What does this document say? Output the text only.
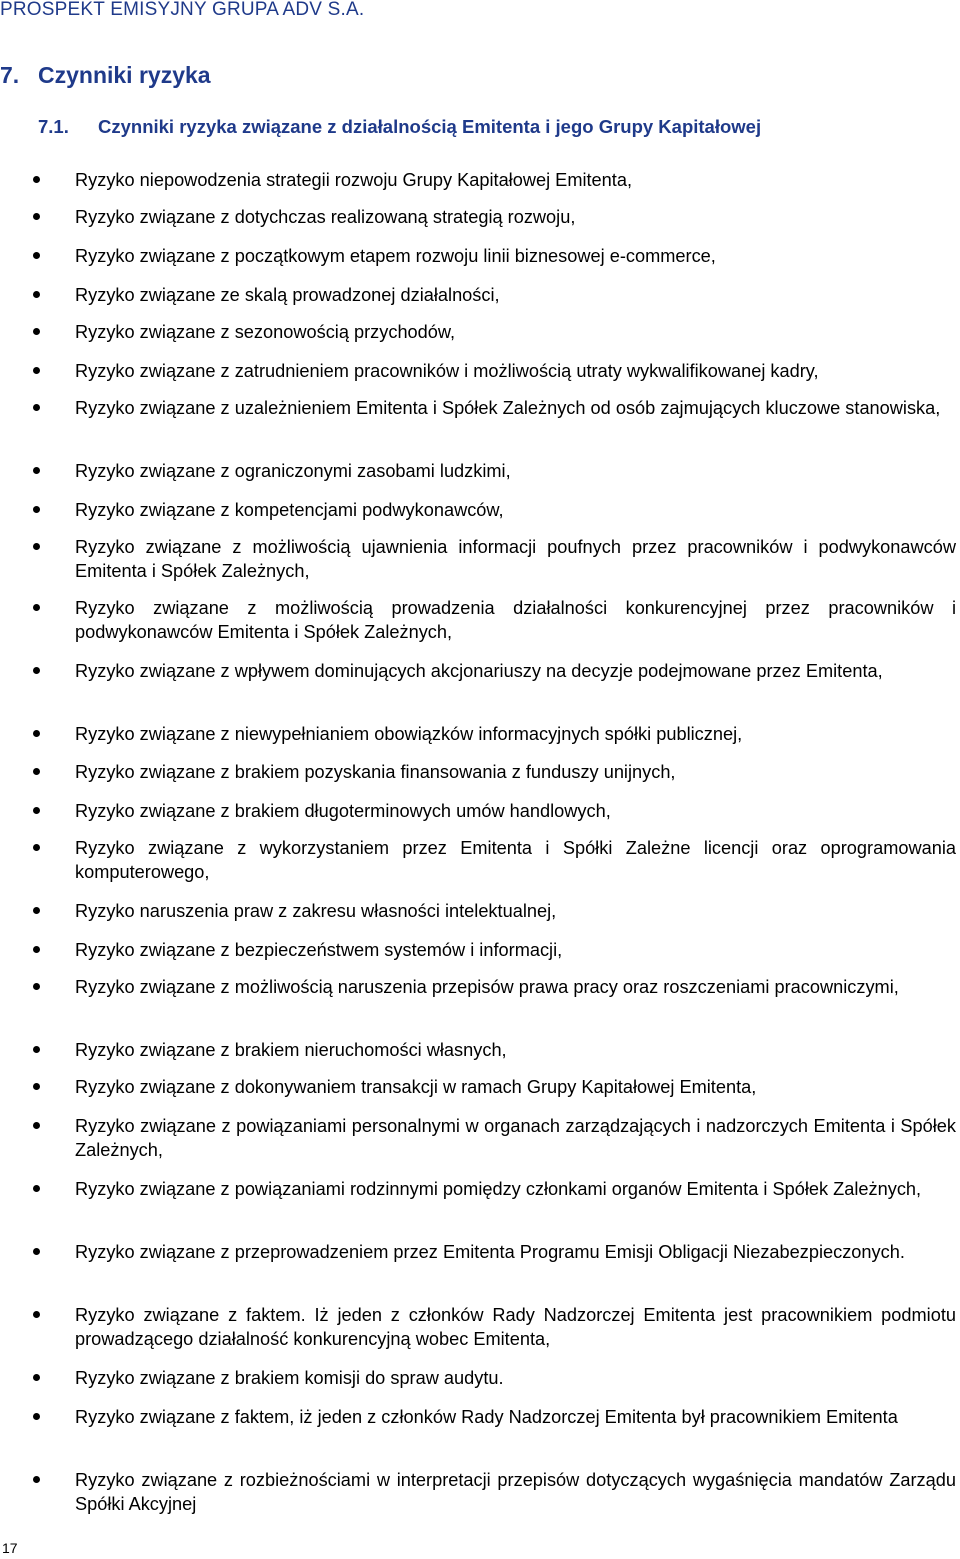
PROSPEKT EMISYJNY GRUPA ADV S.A.
7. Czynniki ryzyka
7.1. Czynniki ryzyka związane z działalnością Emitenta i jego Grupy Kapitałowej
Ryzyko niepowodzenia strategii rozwoju Grupy Kapitałowej Emitenta,
Ryzyko związane z dotychczas realizowaną strategią rozwoju,
Ryzyko związane z początkowym etapem rozwoju linii biznesowej e-commerce,
Ryzyko związane ze skalą prowadzonej działalności,
Ryzyko związane z sezonowością przychodów,
Ryzyko związane z zatrudnieniem pracowników i możliwością utraty wykwalifikowanej kadry,
Ryzyko związane z uzależnieniem Emitenta i Spółek Zależnych od osób zajmujących kluczowe stanowiska,
Ryzyko związane z ograniczonymi zasobami ludzkimi,
Ryzyko związane z kompetencjami podwykonawców,
Ryzyko związane z możliwością ujawnienia informacji poufnych przez pracowników i podwykonawców Emitenta i Spółek Zależnych,
Ryzyko związane z możliwością prowadzenia działalności konkurencyjnej przez pracowników i podwykonawców Emitenta i Spółek Zależnych,
Ryzyko związane z wpływem dominujących akcjonariuszy na decyzje podejmowane przez Emitenta,
Ryzyko związane z niewypełnianiem obowiązków informacyjnych spółki publicznej,
Ryzyko związane z brakiem pozyskania finansowania z funduszy unijnych,
Ryzyko związane z brakiem długoterminowych umów handlowych,
Ryzyko związane z wykorzystaniem przez Emitenta i Spółki Zależne licencji oraz oprogramowania komputerowego,
Ryzyko naruszenia praw z zakresu własności intelektualnej,
Ryzyko związane z bezpieczeństwem systemów i informacji,
Ryzyko związane z możliwością naruszenia przepisów prawa pracy oraz roszczeniami pracowniczymi,
Ryzyko związane z brakiem nieruchomości własnych,
Ryzyko związane z dokonywaniem transakcji w ramach Grupy Kapitałowej Emitenta,
Ryzyko związane z powiązaniami personalnymi w organach zarządzających i nadzorczych Emitenta i Spółek Zależnych,
Ryzyko związane z powiązaniami rodzinnymi pomiędzy członkami organów Emitenta i Spółek Zależnych,
Ryzyko związane z przeprowadzeniem przez Emitenta Programu Emisji Obligacji Niezabezpieczonych.
Ryzyko związane z faktem. Iż jeden z członków Rady Nadzorczej Emitenta jest pracownikiem podmiotu prowadzącego działalność konkurencyjną wobec Emitenta,
Ryzyko związane z brakiem komisji do spraw audytu.
Ryzyko związane z faktem, iż jeden z członków Rady Nadzorczej Emitenta był pracownikiem Emitenta
Ryzyko związane z rozbieżnościami w interpretacji przepisów dotyczących wygaśnięcia mandatów Zarządu Spółki Akcyjnej
17
